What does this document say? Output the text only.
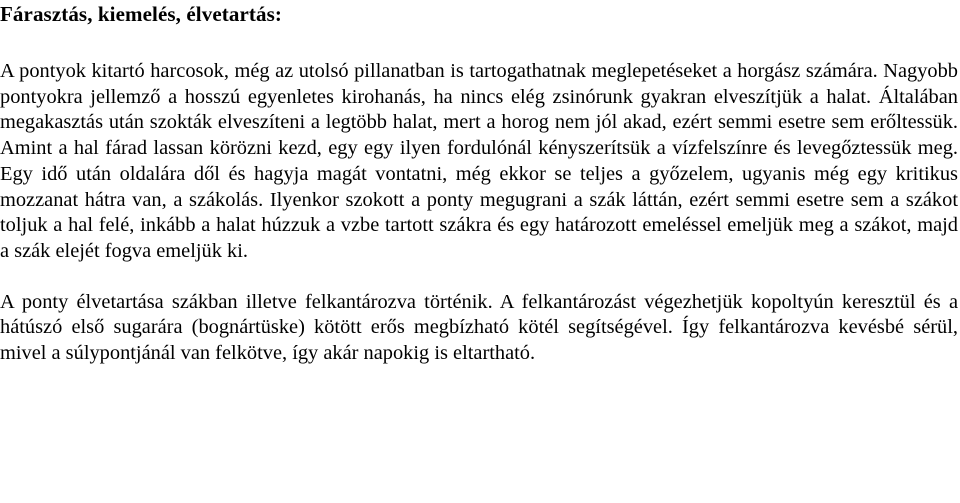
Fárasztás, kiemelés, élvetartás:

A pontyok kitartó harcosok, még az utolsó pillanatban is tartogathatnak meglepetéseket a horgász számára. Nagyobb pontyokra jellemző a hosszú egyenletes kirohanás, ha nincs elég zsinórunk gyakran elveszítjük a halat. Általában megakasztás után szokták elveszíteni a legtöbb halat, mert a horog nem jól akad, ezért semmi esetre sem erőltessük. Amint a hal fárad lassan körözni kezd, egy egy ilyen fordulónál kényszerítsük a vízfelszínre és levegőztessük meg. Egy idő után oldalára dől és hagyja magát vontatni, még ekkor se teljes a győzelem, ugyanis még egy kritikus mozzanat hátra van, a szákolás. Ilyenkor szokott a ponty megugrani a szák láttán, ezért semmi esetre sem a szákot toljuk a hal felé, inkább a halat húzzuk a vzbe tartott szákra és egy határozott emeléssel emeljük meg a szákot, majd a szák elejét fogva emeljük ki.

A ponty élvetartása szákban illetve felkantározva történik. A felkantározást végezhetjük kopoltyún keresztül és a hátúszó első sugarára (bognártüske) kötött erős megbízható kötél segítségével. Így felkantározva kevésbé sérül, mivel a súlypontjánál van felkötve, így akár napokig is eltartható.
